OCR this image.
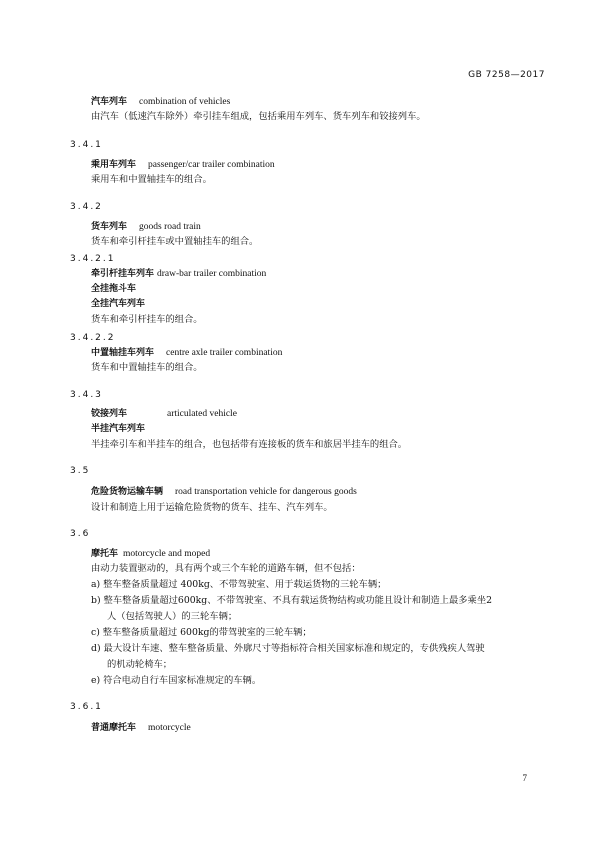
GB 7258—2017
汽车列车 combination of vehicles
由汽车（低速汽车除外）牵引挂车组成，包括乘用车列车、货车列车和铰接列车。
3.4.1
乘用车列车 passenger/car trailer combination
乘用车和中置轴挂车的组合。
3.4.2
货车列车 goods road train
货车和牵引杆挂车或中置轴挂车的组合。
3.4.2.1
牵引杆挂车列车 draw-bar trailer combination
全挂拖斗车
全挂汽车列车
货车和牵引杆挂车的组合。
3.4.2.2
中置轴挂车列车 centre axle trailer combination
货车和中置轴挂车的组合。
3.4.3
铰接列车	articulated vehicle
半挂汽车列车
半挂牵引车和半挂车的组合，也包括带有连接板的货车和旅居半挂车的组合。
3.5
危险货物运输车辆 road transportation vehicle for dangerous goods
设计和制造上用于运输危险货物的货车、挂车、汽车列车。
3.6
摩托车 motorcycle and moped
由动力装置驱动的，具有两个或三个车轮的道路车辆，但不包括：
a) 整车整备质量超过 400kg、不带驾驶室、用于载运货物的三轮车辆；
b) 整车整备质量超过600kg、不带驾驶室、不具有载运货物结构或功能且设计和制造上最多乘坐2
人（包括驾驶人）的三轮车辆；
c) 整车整备质量超过 600kg的带驾驶室的三轮车辆；
d) 最大设计车速、整车整备质量、外廓尺寸等指标符合相关国家标准和规定的，专供残疾人驾驶
的机动轮椅车；
e) 符合电动自行车国家标准规定的车辆。
3.6.1
普通摩托车 motorcycle
7
